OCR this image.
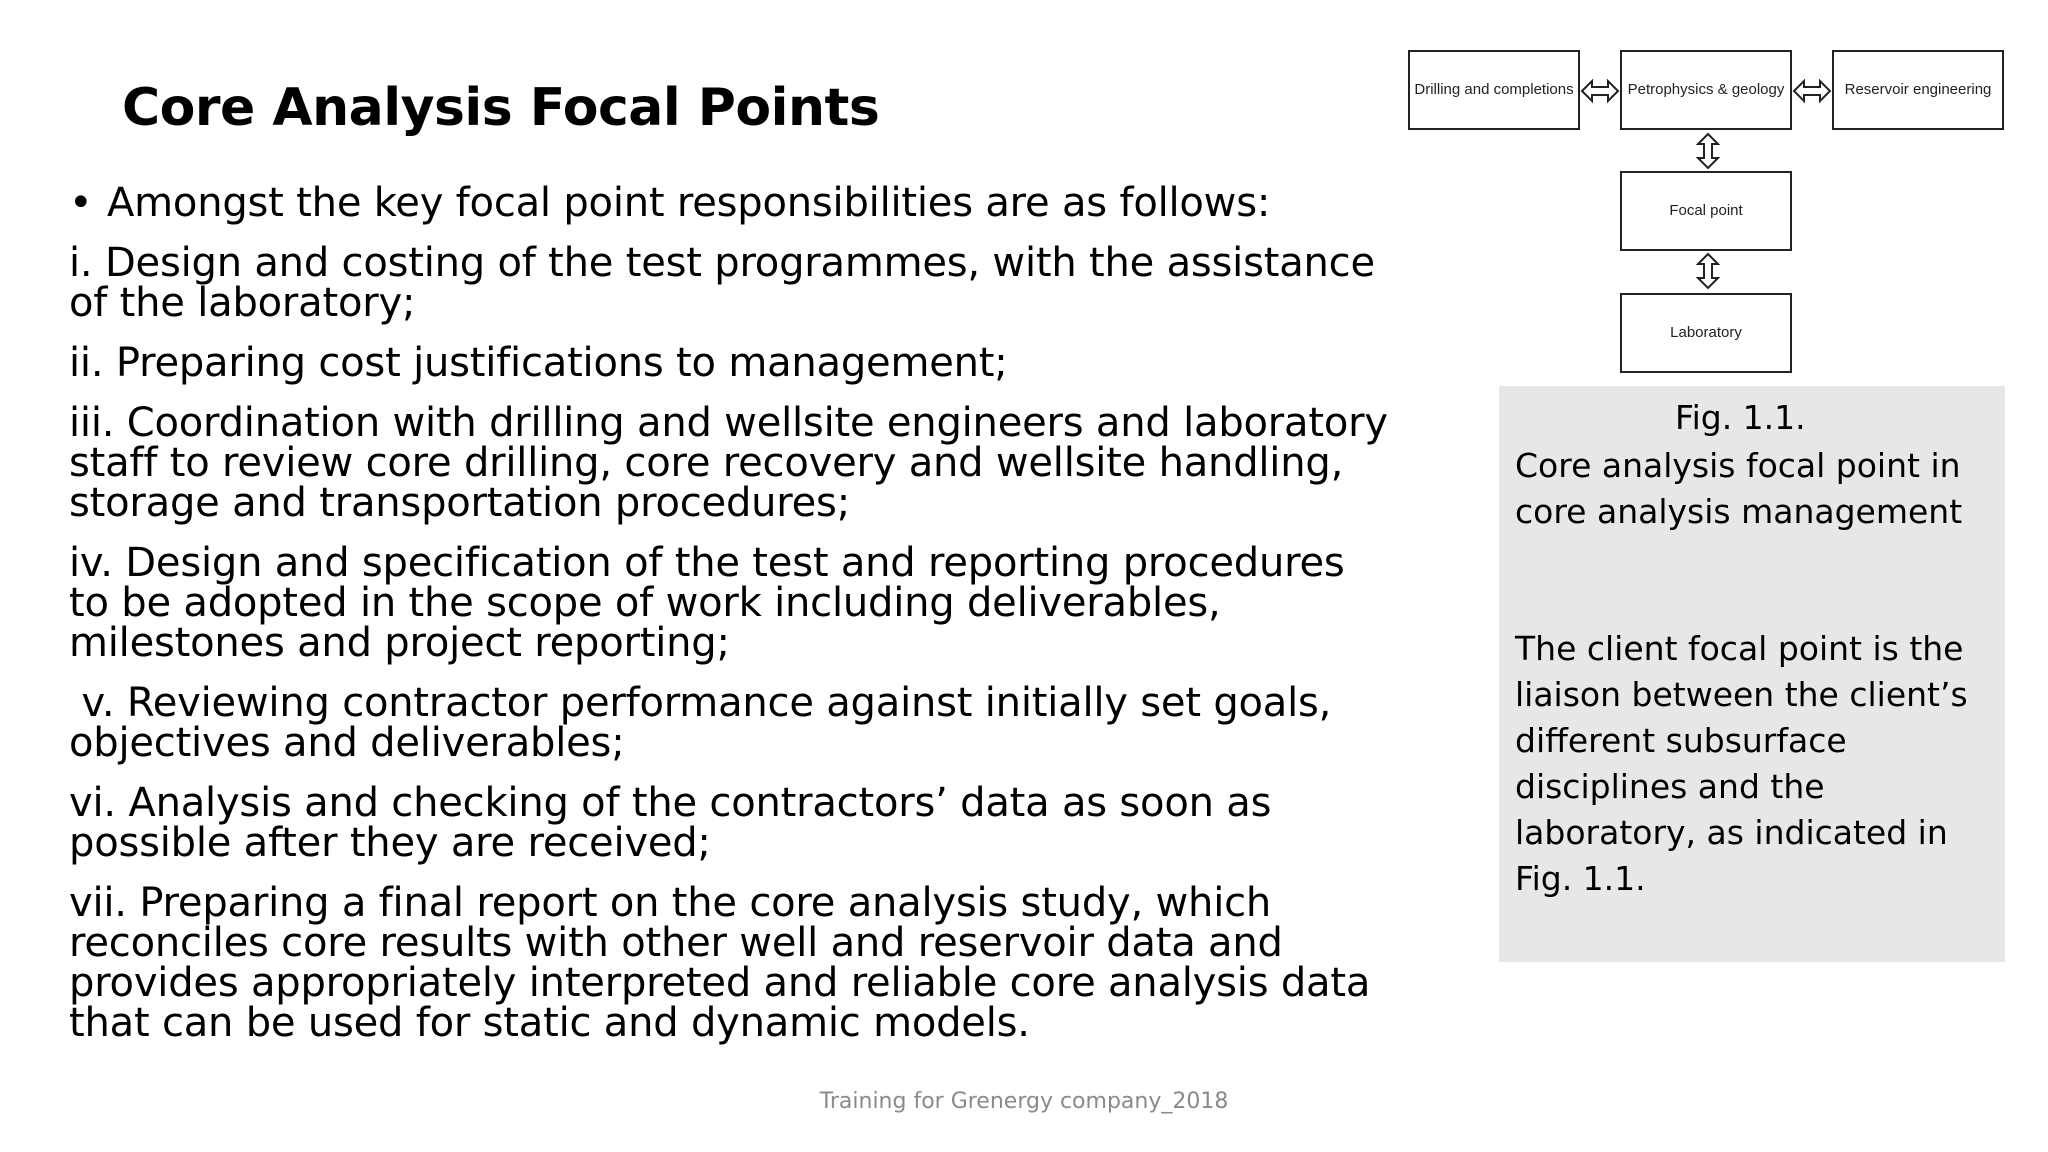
Core Analysis Focal Points
• Amongst the key focal point responsibilities are as follows:
i. Design and costing of the test programmes, with the assistance of the laboratory;
ii. Preparing cost justifications to management;
iii. Coordination with drilling and wellsite engineers and laboratory staff to review core drilling, core recovery and wellsite handling, storage and transportation procedures;
iv. Design and specification of the test and reporting procedures to be adopted in the scope of work including deliverables, milestones and project reporting;
v. Reviewing contractor performance against initially set goals, objectives and deliverables;
vi. Analysis and checking of the contractors’ data as soon as possible after they are received;
vii. Preparing a final report on the core analysis study, which reconciles core results with other well and reservoir data and provides appropriately interpreted and reliable core analysis data that can be used for static and dynamic models.
Drilling and completions	Petrophysics & geology	Reservoir engineering
Focal point
Laboratory
Fig. 1.1.
Core analysis focal point in core analysis management
The client focal point is the liaison between the client’s different subsurface disciplines and the laboratory, as indicated in Fig. 1.1.
Training for Grenergy company_2018
